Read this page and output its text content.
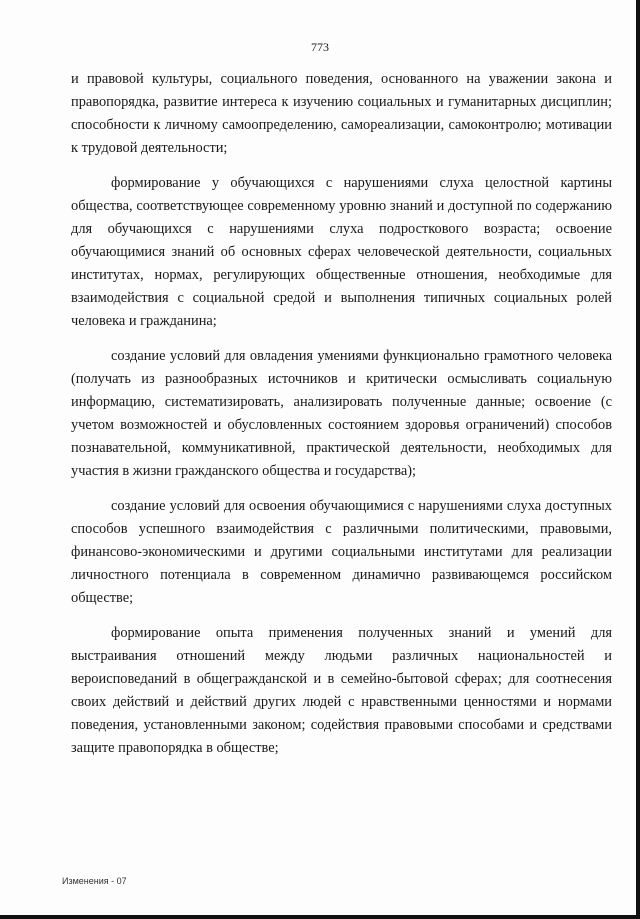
773

и правовой культуры, социального поведения, основанного на уважении закона и правопорядка, развитие интереса к изучению социальных и гуманитарных дисциплин; способности к личному самоопределению, самореализации, самоконтролю; мотивации к трудовой деятельности;

формирование у обучающихся с нарушениями слуха целостной картины общества, соответствующее современному уровню знаний и доступной по содержанию для обучающихся с нарушениями слуха подросткового возраста; освоение обучающимися знаний об основных сферах человеческой деятельности, социальных институтах, нормах, регулирующих общественные отношения, необходимые для взаимодействия с социальной средой и выполнения типичных социальных ролей человека и гражданина;

создание условий для овладения умениями функционально грамотного человека (получать из разнообразных источников и критически осмысливать социальную информацию, систематизировать, анализировать полученные данные; освоение (с учетом возможностей и обусловленных состоянием здоровья ограничений) способов познавательной, коммуникативной, практической деятельности, необходимых для участия в жизни гражданского общества и государства);

создание условий для освоения обучающимися с нарушениями слуха доступных способов успешного взаимодействия с различными политическими, правовыми, финансово-экономическими и другими социальными институтами для реализации личностного потенциала в современном динамично развивающемся российском обществе;

формирование опыта применения полученных знаний и умений для выстраивания отношений между людьми различных национальностей и вероисповеданий в общегражданской и в семейно-бытовой сферах; для соотнесения своих действий и действий других людей с нравственными ценностями и нормами поведения, установленными законом; содействия правовыми способами и средствами защите правопорядка в обществе;

Изменения - 07
